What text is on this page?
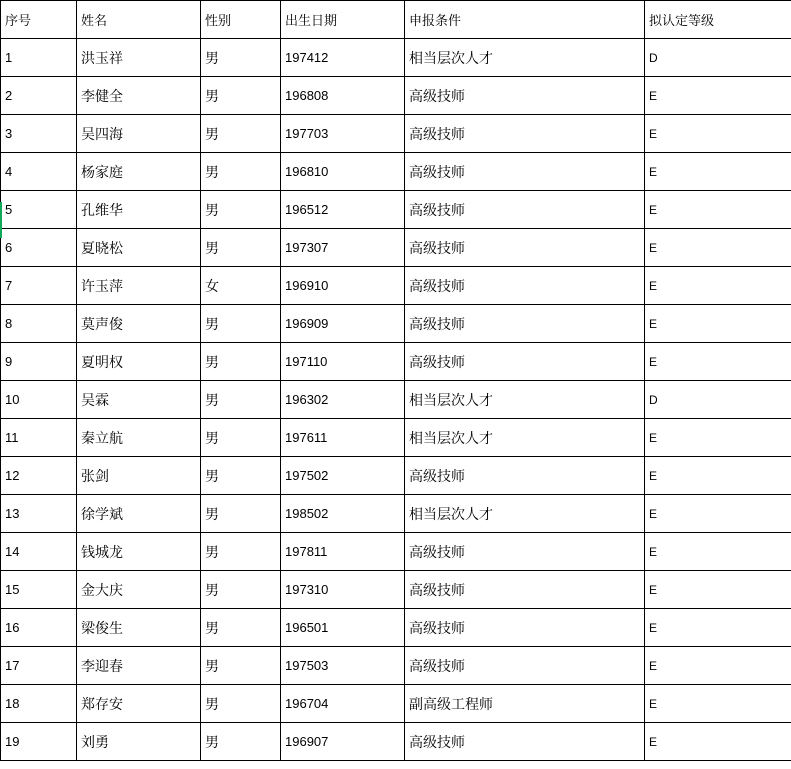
序号	姓名	性别	出生日期	申报条件	拟认定等级
1	洪玉祥	男	197412	相当层次人才	D
2	李健全	男	196808	高级技师	E
3	吴四海	男	197703	高级技师	E
4	杨家庭	男	196810	高级技师	E
5	孔维华	男	196512	高级技师	E
6	夏晓松	男	197307	高级技师	E
7	许玉萍	女	196910	高级技师	E
8	莫声俊	男	196909	高级技师	E
9	夏明权	男	197110	高级技师	E
10	吴霖	男	196302	相当层次人才	D
11	秦立航	男	197611	相当层次人才	E
12	张剑	男	197502	高级技师	E
13	徐学斌	男	198502	相当层次人才	E
14	钱城龙	男	197811	高级技师	E
15	金大庆	男	197310	高级技师	E
16	梁俊生	男	196501	高级技师	E
17	李迎春	男	197503	高级技师	E
18	郑存安	男	196704	副高级工程师	E
19	刘勇	男	196907	高级技师	E
